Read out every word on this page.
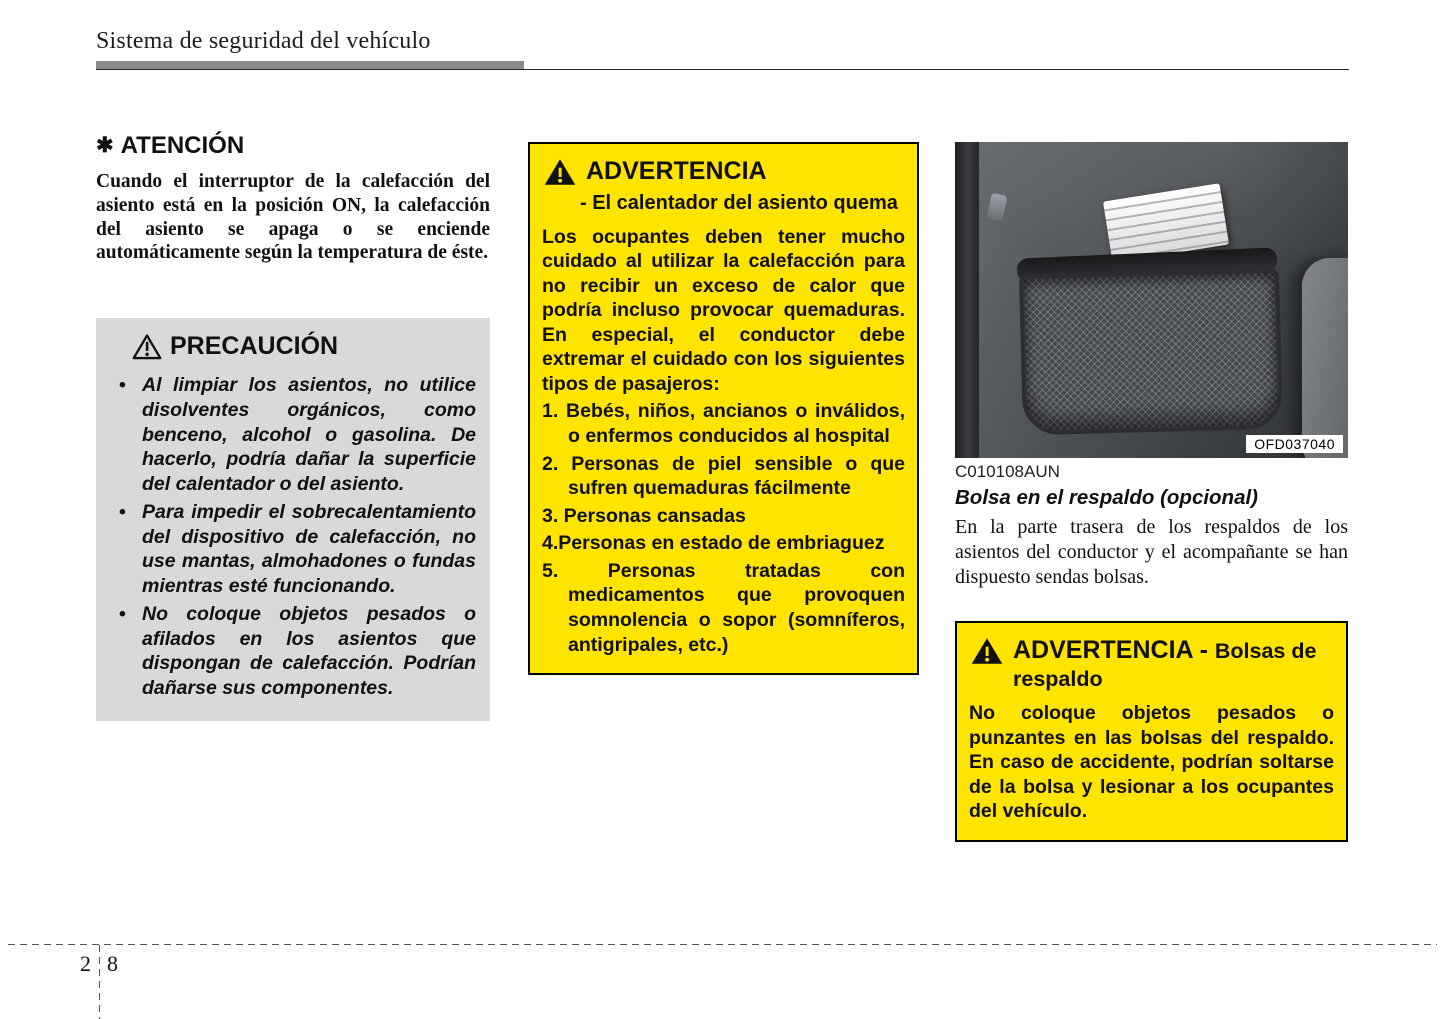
Sistema de seguridad del vehículo
✱ ATENCIÓN

Cuando el interruptor de la calefacción del asiento está en la posición ON, la calefacción del asiento se apaga o se enciende automáticamente según la temperatura de éste.

PRECAUCIÓN
• Al limpiar los asientos, no utilice disolventes orgánicos, como benceno, alcohol o gasolina. De hacerlo, podría dañar la superficie del calentador o del asiento.
• Para impedir el sobrecalentamiento del dispositivo de calefacción, no use mantas, almohadones o fundas mientras esté funcionando.
• No coloque objetos pesados o afilados en los asientos que dispongan de calefacción. Podrían dañarse sus componentes.
ADVERTENCIA
- El calentador del asiento quema

Los ocupantes deben tener mucho cuidado al utilizar la calefacción para no recibir un exceso de calor que podría incluso provocar quemaduras. En especial, el conductor debe extremar el cuidado con los siguientes tipos de pasajeros:

1. Bebés, niños, ancianos o inválidos, o enfermos conducidos al hospital

2. Personas de piel sensible o que sufren quemaduras fácilmente

3. Personas cansadas

4.Personas en estado de embriaguez

5. Personas tratadas con medicamentos que provoquen somnolencia o sopor (somníferos, antigripales, etc.)

OFD037040
C010108AUN
Bolsa en el respaldo (opcional)

En la parte trasera de los respaldos de los asientos del conductor y el acompañante se han dispuesto sendas bolsas.

ADVERTENCIA - Bolsas de respaldo

No coloque objetos pesados o punzantes en las bolsas del respaldo. En caso de accidente, podrían soltarse de la bolsa y lesionar a los ocupantes del vehículo.

2 8
